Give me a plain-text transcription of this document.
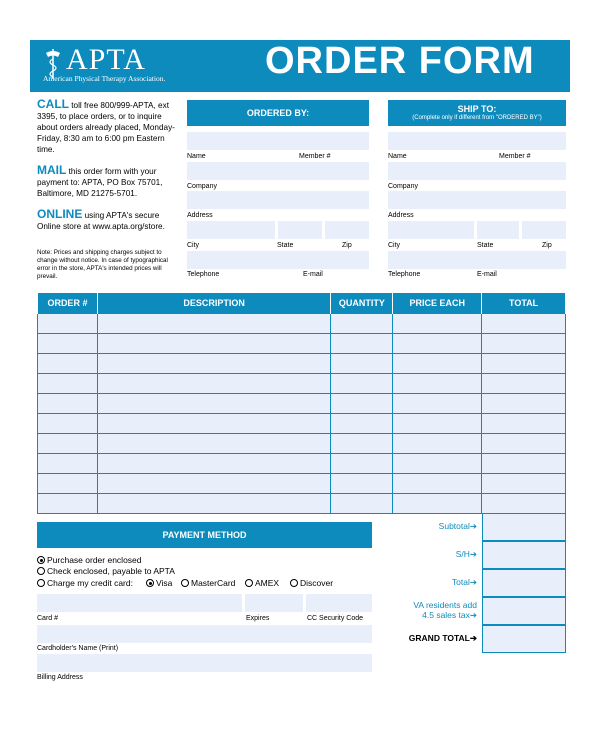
APTA
American Physical Therapy Association.	ORDER FORM
CALL toll free 800/999-APTA, ext 3395, to place orders, or to inquire about orders already placed, Monday-Friday, 8:30 am to 6:00 pm Eastern time.
MAIL this order form with your payment to: APTA, PO Box 75701, Baltimore, MD 21275-5701.
ONLINE using APTA's secure Online store at www.apta.org/store.
Note: Prices and shipping charges subject to change without notice. In case of typographical error in the store, APTA's intended prices will prevail.
ORDERED BY:
Name	Member #
Company
Address
City	State	Zip
Telephone	E-mail
SHIP TO:
(Complete only if different from "ORDERED BY")
Name	Member #
Company
Address
City	State	Zip
Telephone	E-mail
ORDER #	DESCRIPTION	QUANTITY	PRICE EACH	TOTAL

PAYMENT METHOD
Purchase order enclosed
Check enclosed, payable to APTA
Charge my credit card:	Visa MasterCard AMEX Discover
Card #	Expires	CC Security Code
Cardholder's Name (Print)
Billing Address
Subtotal➔
S/H➔
Total➔
VA residents add
4.5 sales tax➔
GRAND TOTAL➔
